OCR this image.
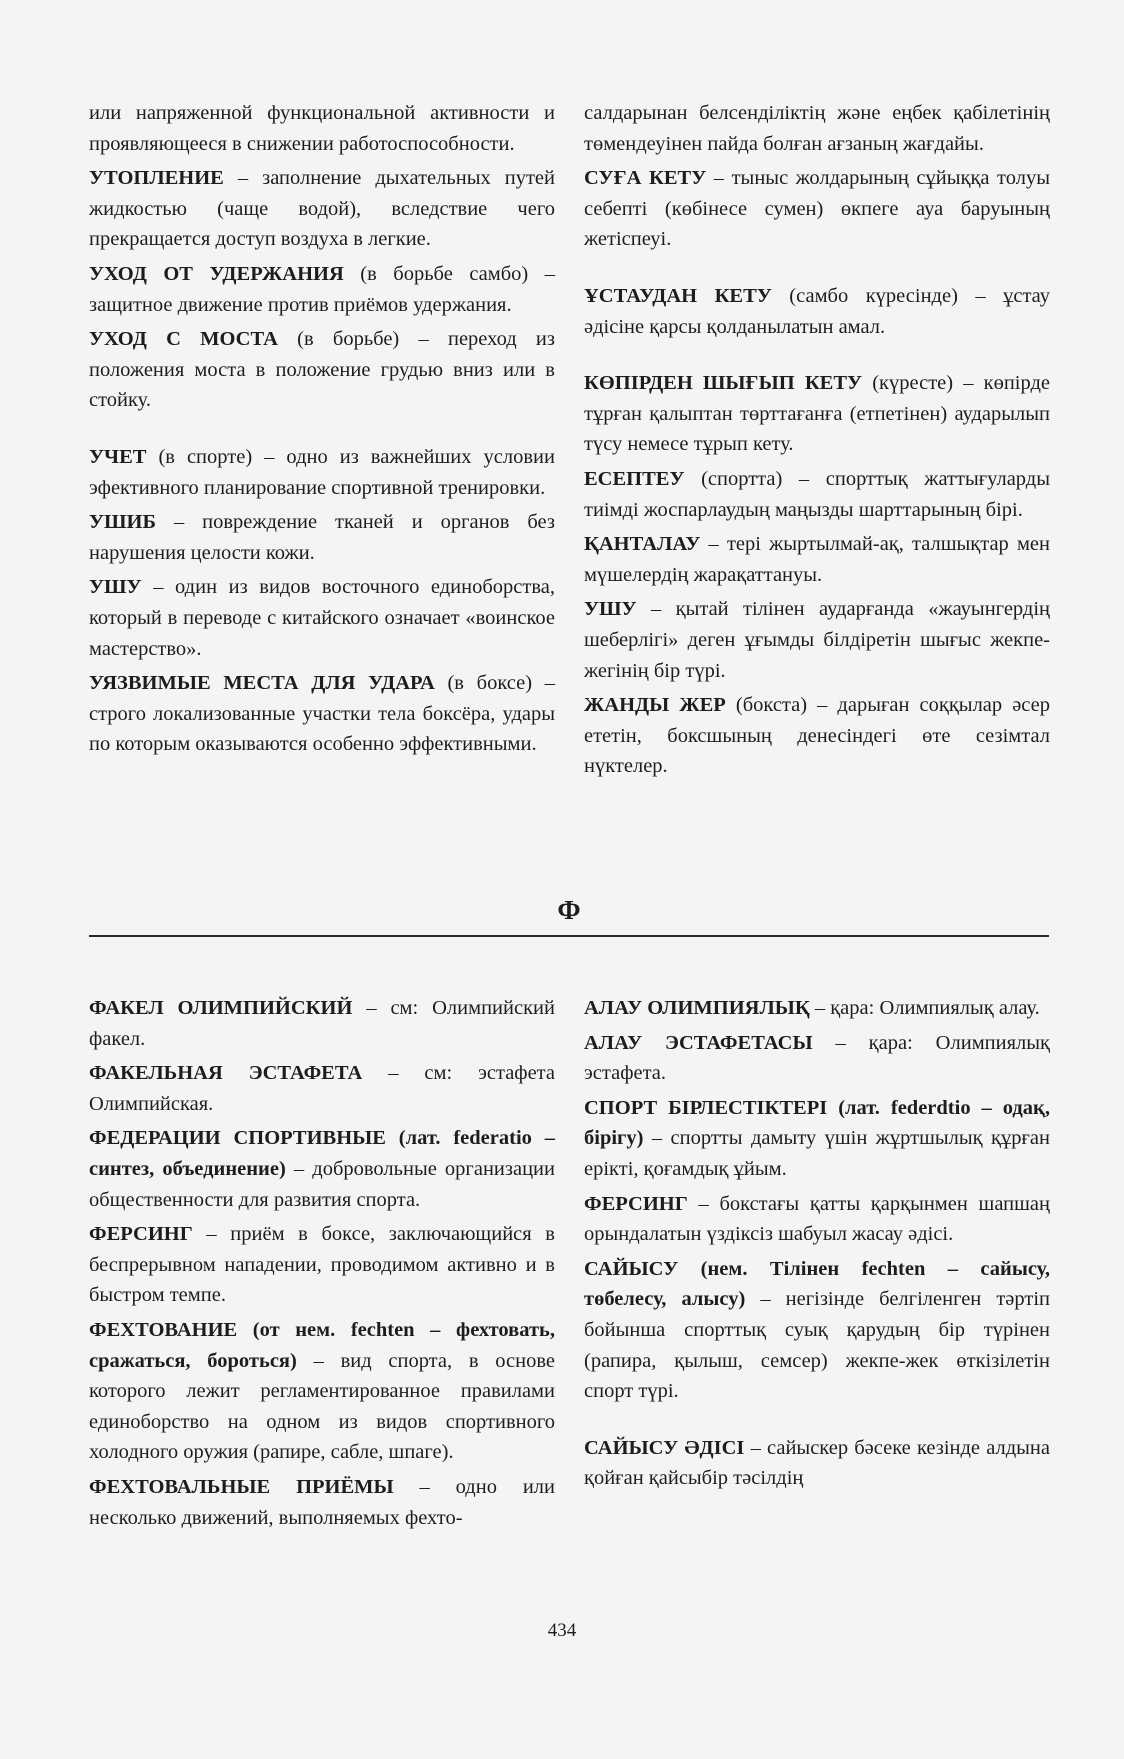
или напряженной функциональной активности и проявляющееся в снижении работоспособности.

УТОПЛЕНИЕ – заполнение дыхательных путей жидкостью (чаще водой), вследствие чего прекращается доступ воздуха в легкие.

УХОД ОТ УДЕРЖАНИЯ (в борьбе самбо) – защитное движение против приёмов удержания.

УХОД С МОСТА (в борьбе) – переход из положения моста в положение грудью вниз или в стойку.

УЧЕТ (в спорте) – одно из важнейших условии эфективного планирование спортивной тренировки.

УШИБ – повреждение тканей и органов без нарушения целости кожи.

УШУ – один из видов восточного единоборства, который в переводе с китайского означает «воинское мастерство».

УЯЗВИМЫЕ МЕСТА ДЛЯ УДАРА (в боксе) – строго локализованные участки тела боксёра, удары по которым оказываются особенно эффективными.

салдарынан белсенділіктің және еңбек қабілетінің төмендеуінен пайда болған ағзаның жағдайы.

СУҒА КЕТУ – тыныс жолдарының сұйыққа толуы себепті (көбінесе сумен) өкпеге ауа баруының жетіспеуі.

ҰСТАУДАН КЕТУ (самбо күресінде) – ұстау әдісіне қарсы қолданылатын амал.

КӨПІРДЕН ШЫҒЫП КЕТУ (күресте) – көпірде тұрған қалыптан төрттағанға (етпетінен) аударылып түсу немесе тұрып кету.

ЕСЕПТЕУ (спортта) – спорттық жаттығуларды тиімді жоспарлаудың маңызды шарттарының бірі.

ҚАНТАЛАУ – тері жыртылмай-ақ, талшықтар мен мүшелердің жарақаттануы.

УШУ – қытай тілінен аударғанда «жауынгердің шеберлігі» деген ұғымды білдіретін шығыс жекпе-жегінің бір түрі.

ЖАНДЫ ЖЕР (бокста) – дарыған соққылар әсер ететін, боксшының денесіндегі өте сезімтал нүктелер.

Ф

ФАКЕЛ ОЛИМПИЙСКИЙ – см: Олимпийский факел.

ФАКЕЛЬНАЯ ЭСТАФЕТА – см: эстафета Олимпийская.

ФЕДЕРАЦИИ СПОРТИВНЫЕ (лат. federatio – синтез, объединение) – добровольные организации общественности для развития спорта.

ФЕРСИНГ – приём в боксе, заключающийся в беспрерывном нападении, проводимом активно и в быстром темпе.

ФЕХТОВАНИЕ (от нем. fechten – фехтовать, сражаться, бороться) – вид спорта, в основе которого лежит регламентированное правилами единоборство на одном из видов спортивного холодного оружия (рапире, сабле, шпаге).

ФЕХТОВАЛЬНЫЕ ПРИЁМЫ – одно или несколько движений, выполняемых фехто-

АЛАУ ОЛИМПИЯЛЫҚ – қара: Олимпиялық алау.

АЛАУ ЭСТАФЕТАСЫ – қара: Олимпиялық эстафета.

СПОРТ БІРЛЕСТІКТЕРІ (лат. federdtio – одақ, бірігу) – спортты дамыту үшін жұртшылық құрған ерікті, қоғамдық ұйым.

ФЕРСИНГ – бокстағы қатты қарқынмен шапшаң орындалатын үздіксіз шабуыл жасау әдісі.

САЙЫСУ (нем. Тілінен fechten – сайысу, төбелесу, алысу) – негізінде белгіленген тәртіп бойынша спорттық суық қарудың бір түрінен (рапира, қылыш, семсер) жекпе-жек өткізілетін спорт түрі.

САЙЫСУ ӘДІСІ – сайыскер бәсеке кезінде алдына қойған қайсыбір тәсілдің

434
